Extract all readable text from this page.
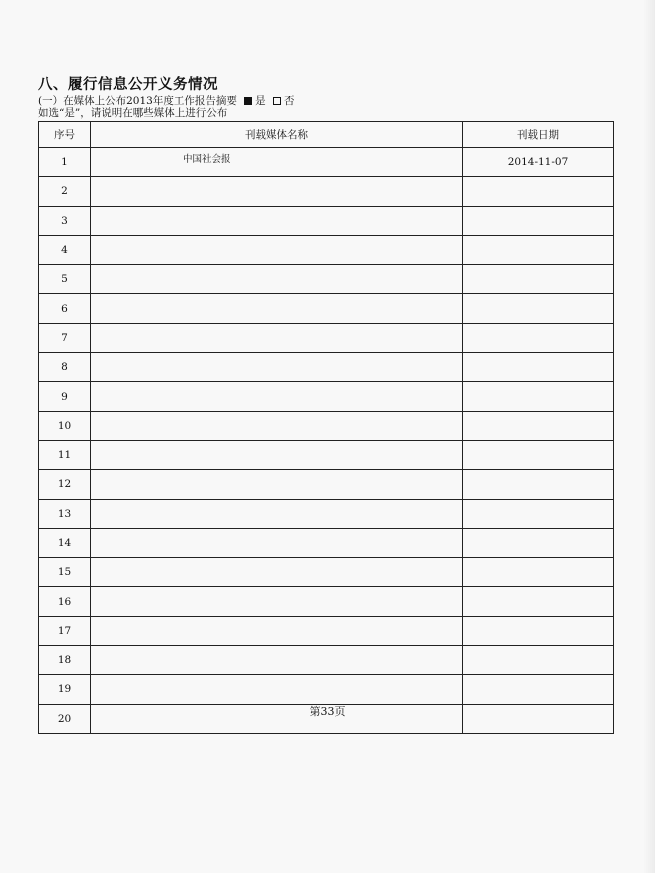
八、履行信息公开义务情况
(一）在媒体上公布2013年度工作报告摘要 是 否
如选“是”，请说明在哪些媒体上进行公布
序号	刊载媒体名称	刊载日期
1	中国社会报	2014-11-07
2		
3		
4		
5		
6		
7		
8		
9		
10		
11		
12		
13		
14		
15		
16		
17		
18		
19		
20		
第33页
